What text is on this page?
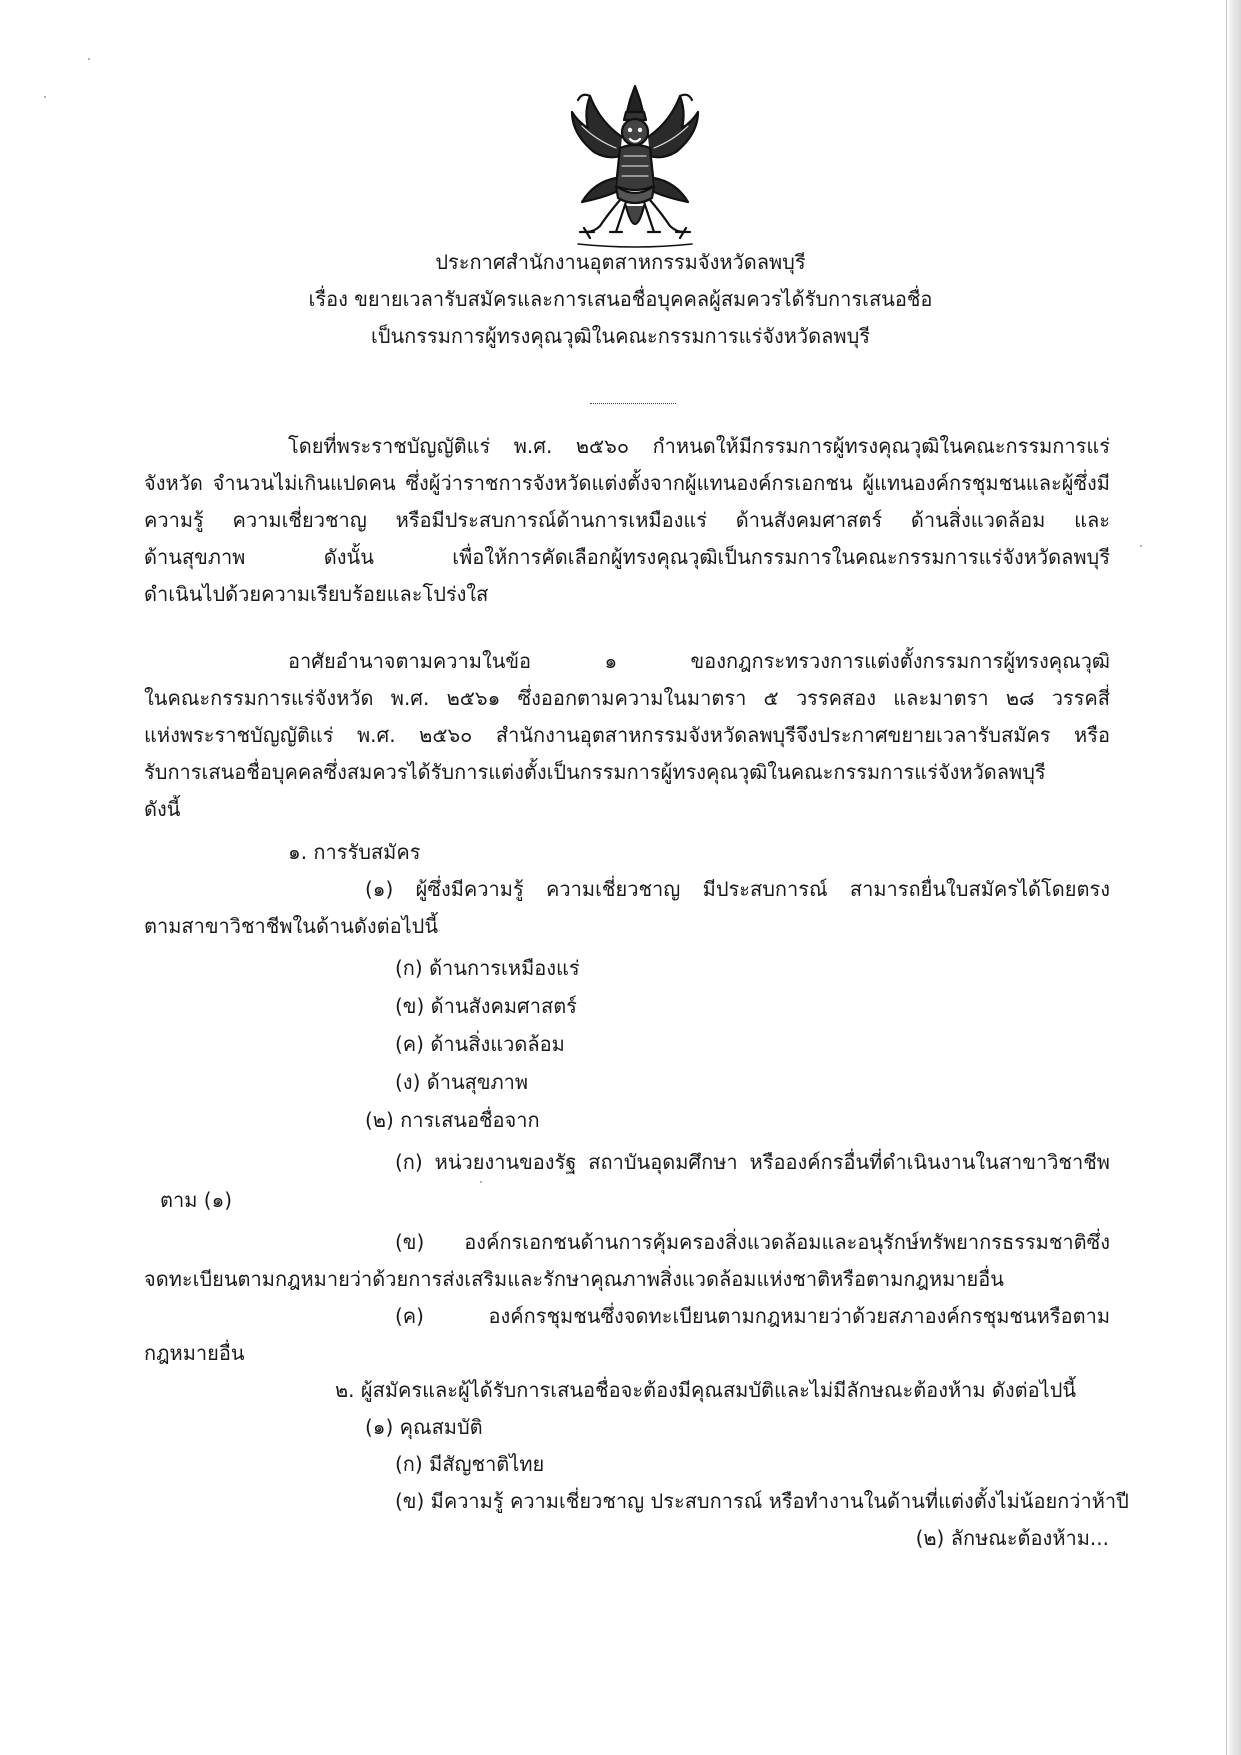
ประกาศสำนักงานอุตสาหกรรมจังหวัดลพบุรี
เรื่อง ขยายเวลารับสมัครและการเสนอชื่อบุคคลผู้สมควรได้รับการเสนอชื่อ
เป็นกรรมการผู้ทรงคุณวุฒิในคณะกรรมการแร่จังหวัดลพบุรี
โดยที่พระราชบัญญัติแร่ พ.ศ. ๒๕๖๐ กำหนดให้มีกรรมการผู้ทรงคุณวุฒิในคณะกรรมการแร่
จังหวัด จำนวนไม่เกินแปดคน ซึ่งผู้ว่าราชการจังหวัดแต่งตั้งจากผู้แทนองค์กรเอกชน ผู้แทนองค์กรชุมชนและผู้ซึ่งมี
ความรู้ ความเชี่ยวชาญ หรือมีประสบการณ์ด้านการเหมืองแร่ ด้านสังคมศาสตร์ ด้านสิ่งแวดล้อม และ
ด้านสุขภาพ ดังนั้น เพื่อให้การคัดเลือกผู้ทรงคุณวุฒิเป็นกรรมการในคณะกรรมการแร่จังหวัดลพบุรี
ดำเนินไปด้วยความเรียบร้อยและโปร่งใส
อาศัยอำนาจตามความในข้อ ๑ ของกฎกระทรวงการแต่งตั้งกรรมการผู้ทรงคุณวุฒิ
ในคณะกรรมการแร่จังหวัด พ.ศ. ๒๕๖๑ ซึ่งออกตามความในมาตรา ๕ วรรคสอง และมาตรา ๒๘ วรรคสี่
แห่งพระราชบัญญัติแร่ พ.ศ. ๒๕๖๐ สำนักงานอุตสาหกรรมจังหวัดลพบุรีจึงประกาศขยายเวลารับสมัคร หรือ
รับการเสนอชื่อบุคคลซึ่งสมควรได้รับการแต่งตั้งเป็นกรรมการผู้ทรงคุณวุฒิในคณะกรรมการแร่จังหวัดลพบุรี
ดังนี้
๑. การรับสมัคร
(๑) ผู้ซึ่งมีความรู้ ความเชี่ยวชาญ มีประสบการณ์ สามารถยื่นใบสมัครได้โดยตรง
ตามสาขาวิชาชีพในด้านดังต่อไปนี้
(ก) ด้านการเหมืองแร่
(ข) ด้านสังคมศาสตร์
(ค) ด้านสิ่งแวดล้อม
(ง) ด้านสุขภาพ
(๒) การเสนอชื่อจาก
(ก) หน่วยงานของรัฐ สถาบันอุดมศึกษา หรือองค์กรอื่นที่ดำเนินงานในสาขาวิชาชีพ
ตาม (๑)
(ข) องค์กรเอกชนด้านการคุ้มครองสิ่งแวดล้อมและอนุรักษ์ทรัพยากรธรรมชาติซึ่ง
จดทะเบียนตามกฎหมายว่าด้วยการส่งเสริมและรักษาคุณภาพสิ่งแวดล้อมแห่งชาติหรือตามกฎหมายอื่น
(ค) องค์กรชุมชนซึ่งจดทะเบียนตามกฎหมายว่าด้วยสภาองค์กรชุมชนหรือตาม
กฎหมายอื่น
๒. ผู้สมัครและผู้ได้รับการเสนอชื่อจะต้องมีคุณสมบัติและไม่มีลักษณะต้องห้าม ดังต่อไปนี้
(๑) คุณสมบัติ
(ก) มีสัญชาติไทย
(ข) มีความรู้ ความเชี่ยวชาญ ประสบการณ์ หรือทำงานในด้านที่แต่งตั้งไม่น้อยกว่าห้าปี
(๒) ลักษณะต้องห้าม...
